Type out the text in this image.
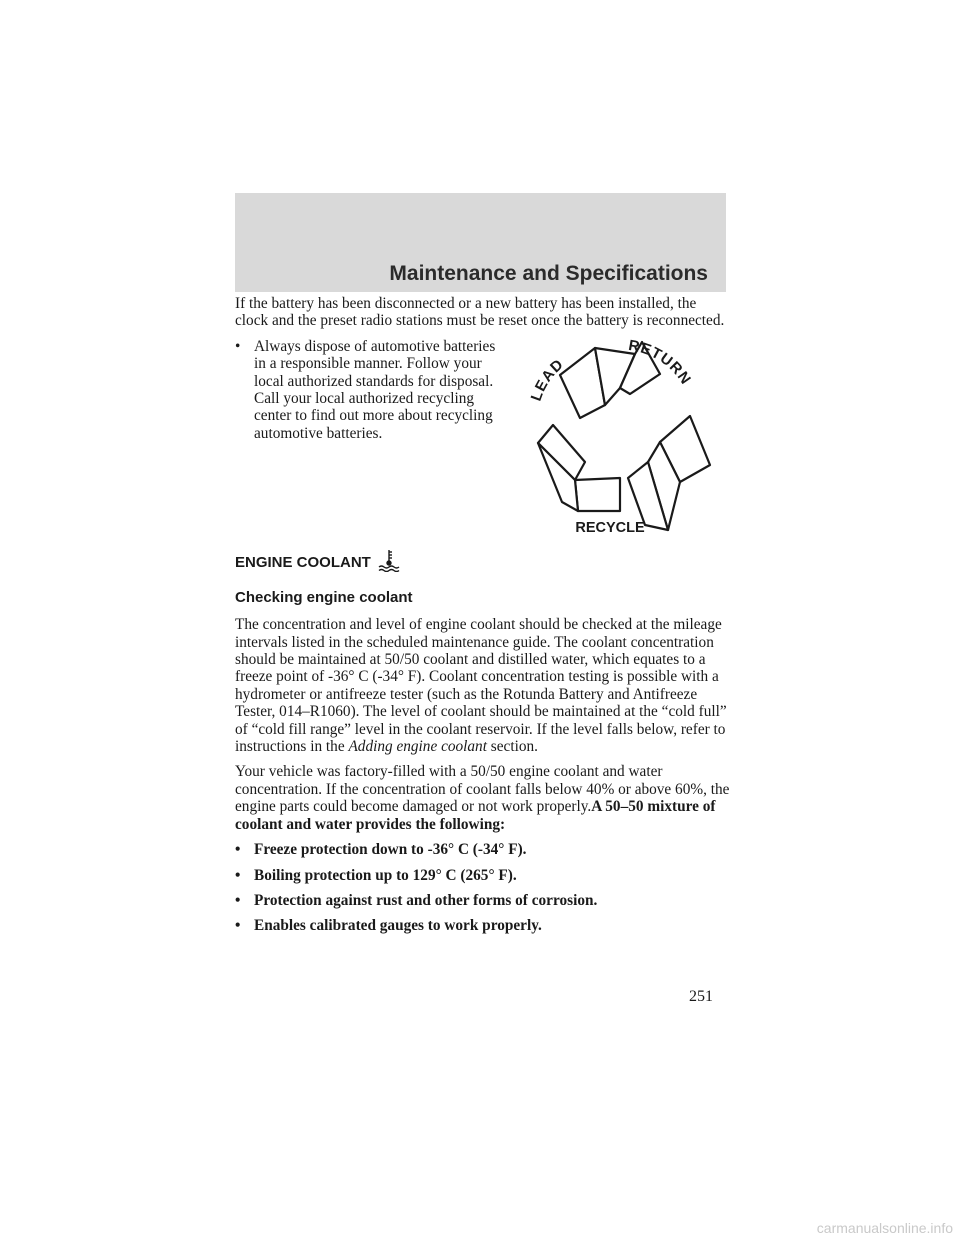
Maintenance and Specifications

If the battery has been disconnected or a new battery has been installed, the clock and the preset radio stations must be reset once the battery is reconnected.

• Always dispose of automotive batteries in a responsible manner. Follow your local authorized standards for disposal. Call your local authorized recycling center to find out more about recycling automotive batteries.
LEAD
RETURN
RECYCLE
ENGINE COOLANT
Checking engine coolant

The concentration and level of engine coolant should be checked at the mileage intervals listed in the scheduled maintenance guide. The coolant concentration should be maintained at 50/50 coolant and distilled water, which equates to a freeze point of -36° C (-34° F). Coolant concentration testing is possible with a hydrometer or antifreeze tester (such as the Rotunda Battery and Antifreeze Tester, 014–R1060). The level of coolant should be maintained at the “cold full” of “cold fill range” level in the coolant reservoir. If the level falls below, refer to instructions in the Adding engine coolant section.

Your vehicle was factory-filled with a 50/50 engine coolant and water concentration. If the concentration of coolant falls below 40% or above 60%, the engine parts could become damaged or not work properly.A 50–50 mixture of coolant and water provides the following:

• Freeze protection down to -36° C (-34° F).
• Boiling protection up to 129° C (265° F).
• Protection against rust and other forms of corrosion.
• Enables calibrated gauges to work properly.
251
carmanualsonline.info
